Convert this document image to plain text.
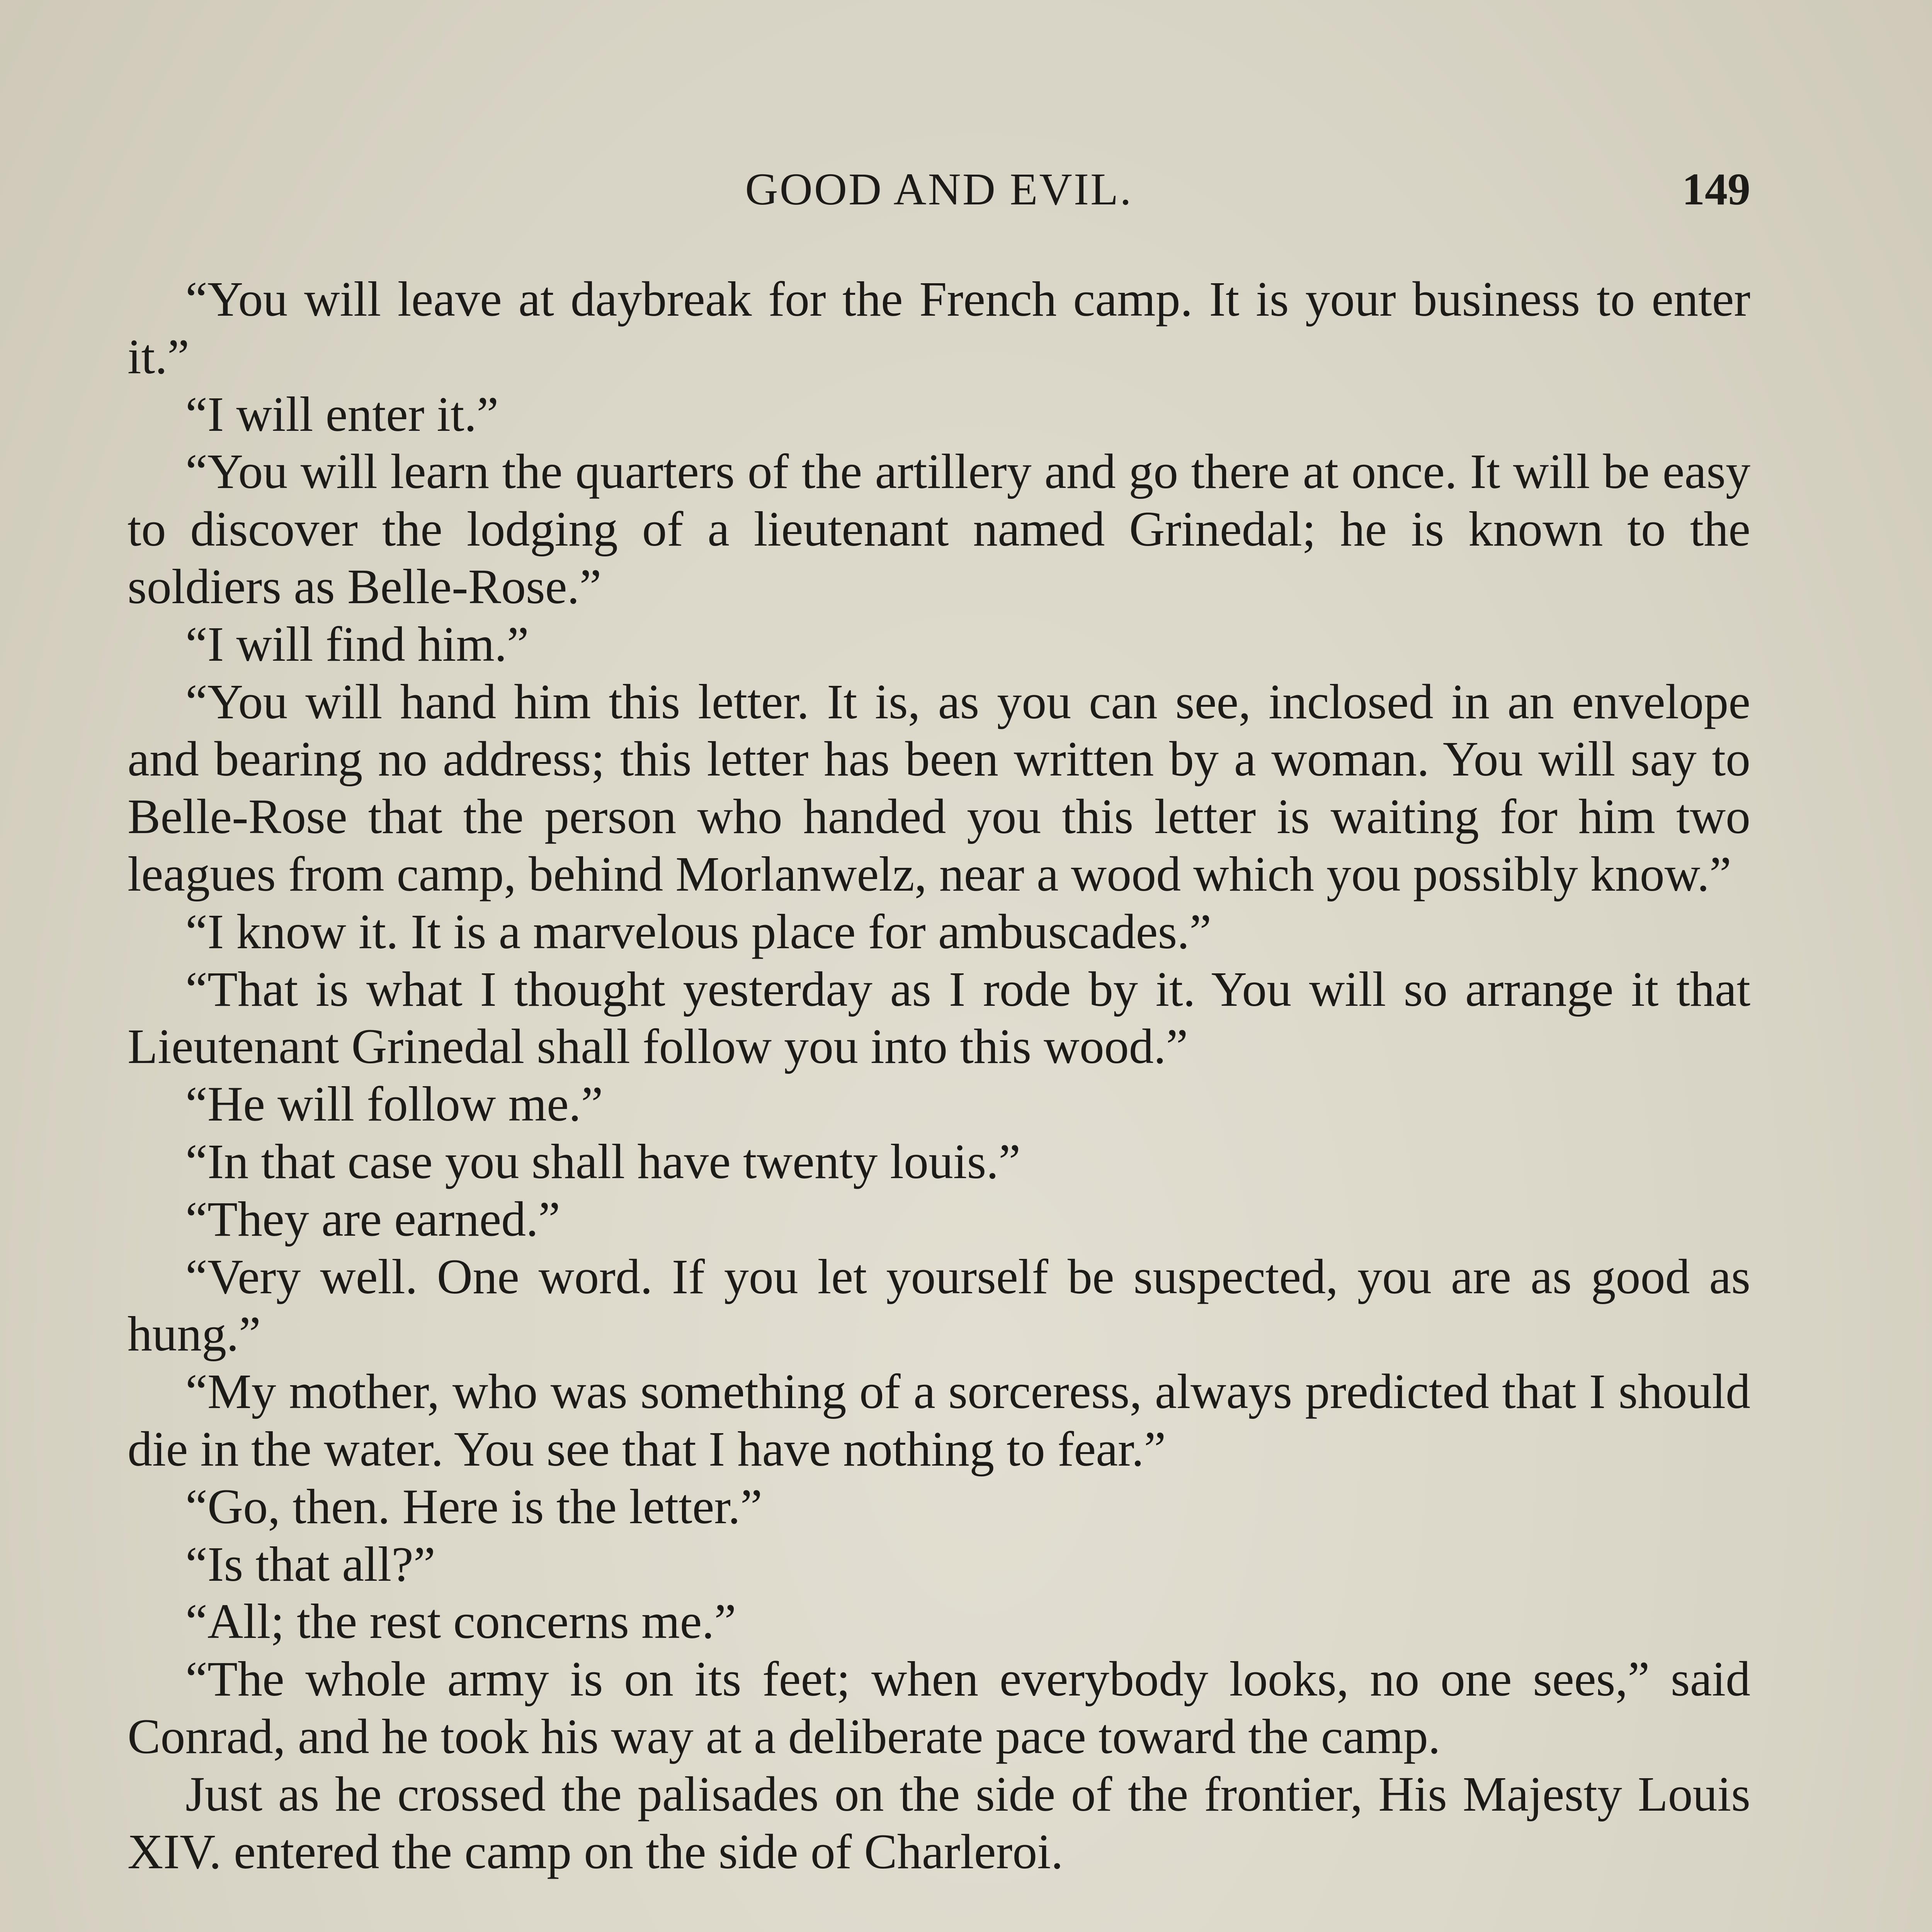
GOOD AND EVIL.	149

“You will leave at daybreak for the French camp. It is your business to enter it.”

“I will enter it.”

“You will learn the quarters of the artillery and go there at once. It will be easy to discover the lodging of a lieutenant named Grinedal; he is known to the soldiers as Belle-Rose.”

“I will find him.”

“You will hand him this letter. It is, as you can see, inclosed in an envelope and bearing no address; this letter has been written by a woman. You will say to Belle-Rose that the person who handed you this letter is waiting for him two leagues from camp, behind Morlanwelz, near a wood which you possibly know.”

“I know it. It is a marvelous place for ambuscades.”

“That is what I thought yesterday as I rode by it. You will so arrange it that Lieutenant Grinedal shall follow you into this wood.”

“He will follow me.”

“In that case you shall have twenty louis.”

“They are earned.”

“Very well. One word. If you let yourself be suspected, you are as good as hung.”

“My mother, who was something of a sorceress, always predicted that I should die in the water. You see that I have nothing to fear.”

“Go, then. Here is the letter.”

“Is that all?”

“All; the rest concerns me.”

“The whole army is on its feet; when everybody looks, no one sees,” said Conrad, and he took his way at a deliberate pace toward the camp.

Just as he crossed the palisades on the side of the frontier, His Majesty Louis XIV. entered the camp on the side of Charleroi.
